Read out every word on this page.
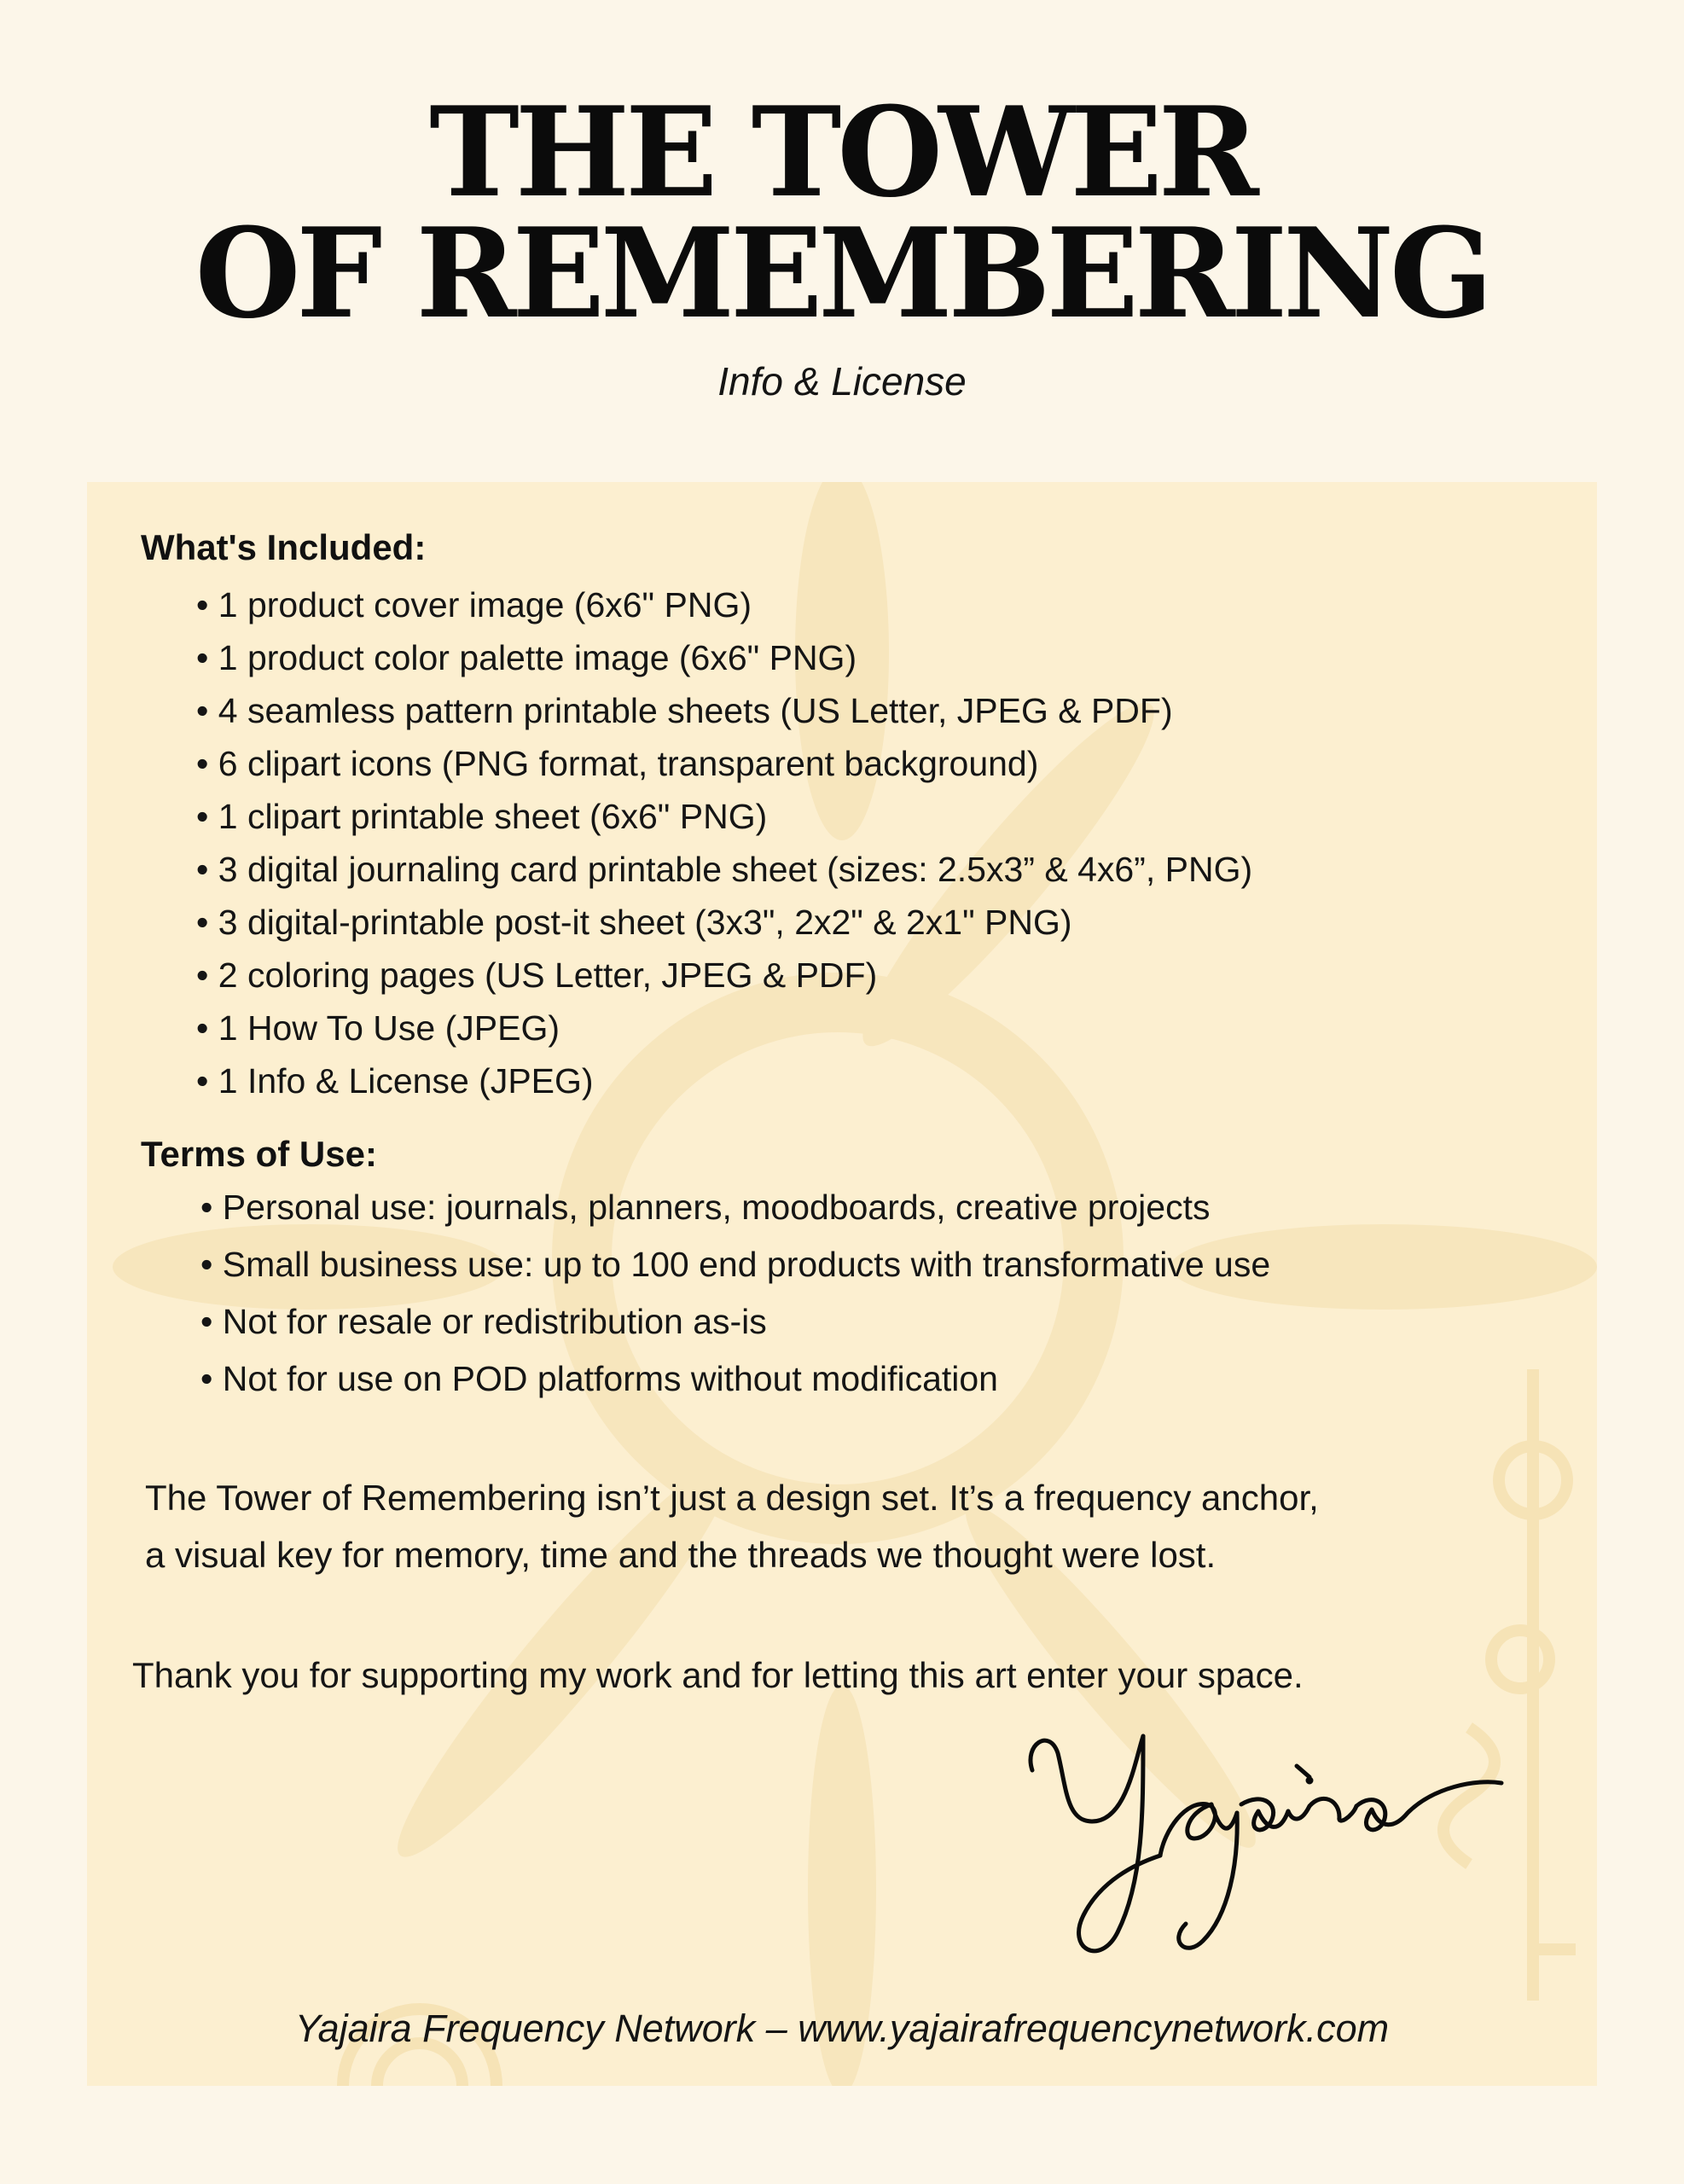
THE TOWER
OF REMEMBERING
Info & License
What's Included:
• 1 product cover image (6x6" PNG)
• 1 product color palette image (6x6" PNG)
• 4 seamless pattern printable sheets (US Letter, JPEG & PDF)
• 6 clipart icons (PNG format, transparent background)
• 1 clipart printable sheet (6x6" PNG)
• 3 digital journaling card printable sheet (sizes: 2.5x3” & 4x6”, PNG)
• 3 digital-printable post-it sheet (3x3", 2x2" & 2x1" PNG)
• 2 coloring pages (US Letter, JPEG & PDF)
• 1 How To Use (JPEG)
• 1 Info & License (JPEG)
Terms of Use:
• Personal use: journals, planners, moodboards, creative projects
• Small business use: up to 100 end products with transformative use
• Not for resale or redistribution as-is
• Not for use on POD platforms without modification
The Tower of Remembering isn’t just a design set. It’s a frequency anchor,
a visual key for memory, time and the threads we thought were lost.
Thank you for supporting my work and for letting this art enter your space.
Yajaira Frequency Network – www.yajairafrequencynetwork.com
